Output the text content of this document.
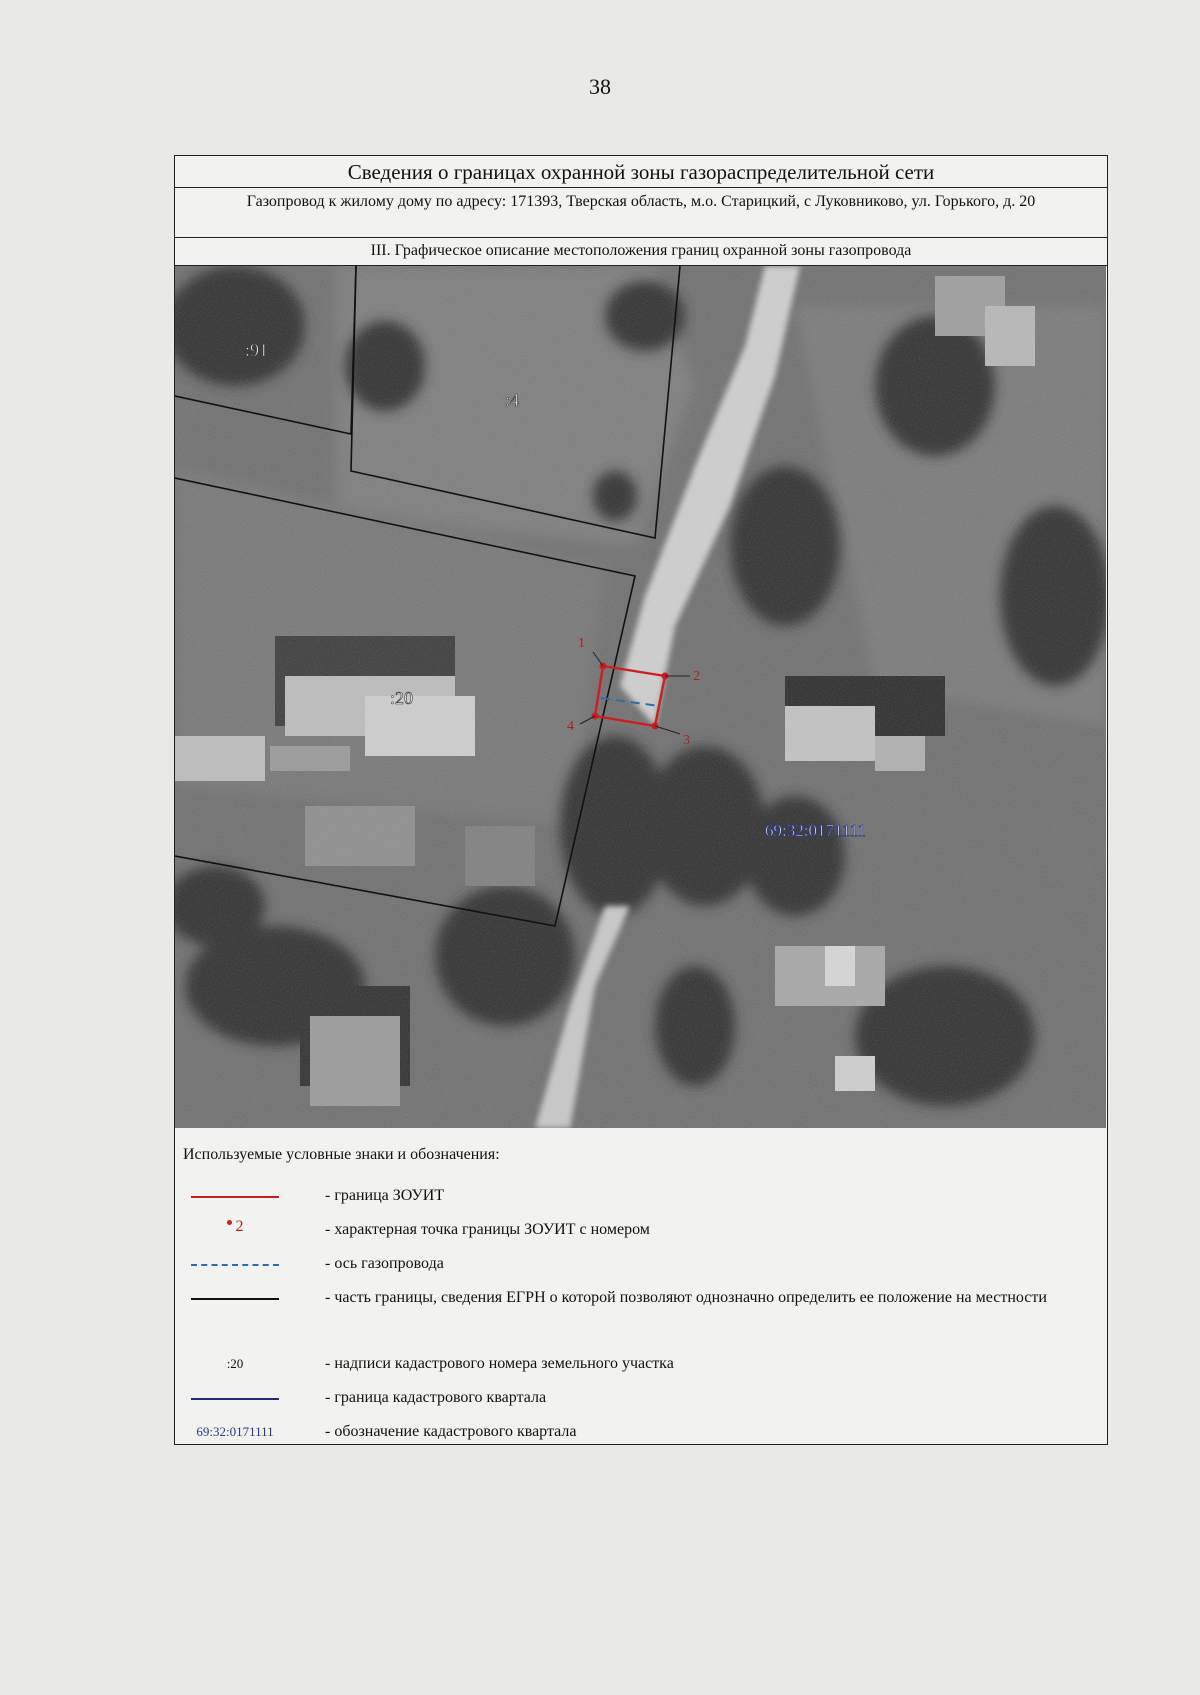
38
Сведения о границах охранной зоны газораспределительной сети
Газопровод к жилому дому по адресу: 171393, Тверская область, м.о. Старицкий, с Луковниково, ул. Горького, д. 20
III. Графическое описание местоположения границ охранной зоны газопровода
1
2
3
4
:91
:4
:20
69:32:0171111
Используемые условные знаки и обозначения:
- граница ЗОУИТ
2	- характерная точка границы ЗОУИТ с номером
- ось газопровода
- часть границы, сведения ЕГРН о которой позволяют однозначно определить ее положение на местности
:20	- надписи кадастрового номера земельного участка
- граница кадастрового квартала
69:32:0171111	- обозначение кадастрового квартала
